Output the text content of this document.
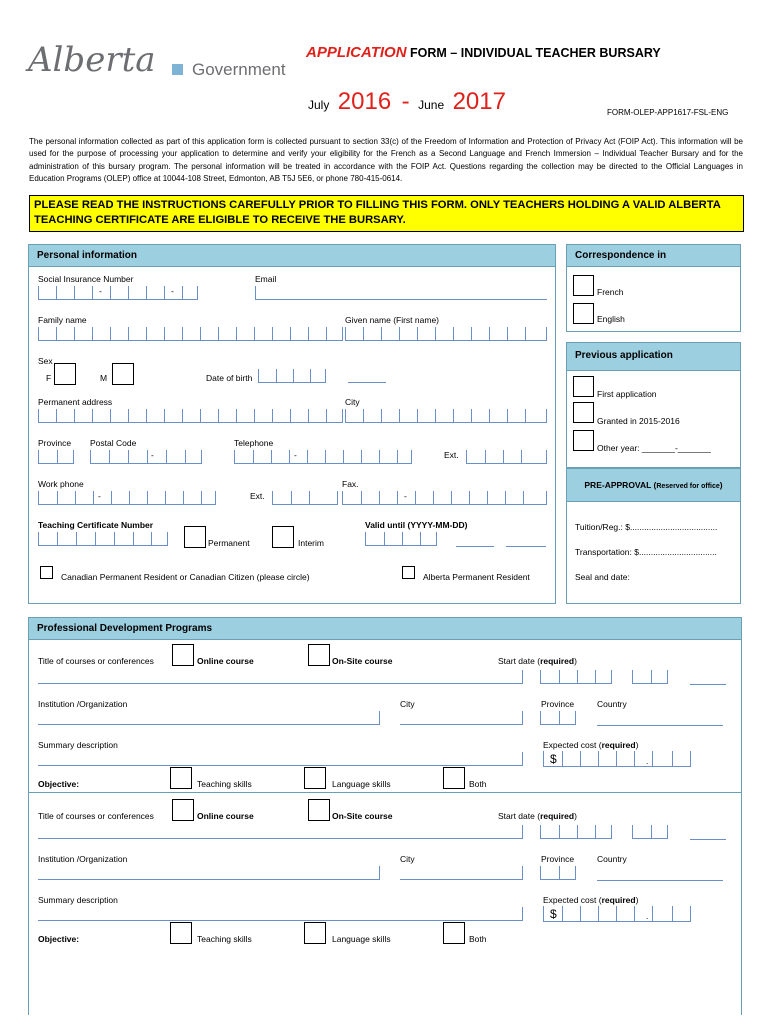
Alberta Government
APPLICATION FORM – INDIVIDUAL TEACHER BURSARY
July 2016 - June 2017	FORM-OLEP-APP1617-FSL-ENG
The personal information collected as part of this application form is collected pursuant to section 33(c) of the Freedom of Information and Protection of Privacy Act (FOIP Act). This information will be used for the purpose of processing your application to determine and verify your eligibility for the French as a Second Language and French Immersion – Individual Teacher Bursary and for the administration of this bursary program. The personal information will be treated in accordance with the FOIP Act. Questions regarding the collection may be directed to the Official Languages in Education Programs (OLEP) office at 10044-108 Street, Edmonton, AB T5J 5E6, or phone 780-415-0614.
PLEASE READ THE INSTRUCTIONS CAREFULLY PRIOR TO FILLING THIS FORM. ONLY TEACHERS HOLDING A VALID ALBERTA TEACHING CERTIFICATE ARE ELIGIBLE TO RECEIVE THE BURSARY.
Personal information
Social Insurance Number
-	-
Email
Family name	Given name (First name)
Sex
F	M	Date of birth
Permanent address	City
Province Postal Code
-
Telephone
-	Ext.
Work phone
-	Ext.
Fax.
-
Teaching Certificate Number
Permanent	Interim
Valid until (YYYY-MM-DD)
Canadian Permanent Resident or Canadian Citizen (please circle)	Alberta Permanent Resident
Correspondence in
French
English
Previous application
First application
Granted in 2015-2016
Other year: _______-_______
PRE-APPROVAL (Reserved for office)
Tuition/Reg.: $.....................................
Transportation: $.................................
Seal and date:
Professional Development Programs
Title of courses or conferences	Online course	On-Site course	Start date (required)
Institution /Organization	City	Province	Country
Summary description	Expected cost (required)
$	.
Objective:	Teaching skills	Language skills	Both
Title of courses or conferences	Online course	On-Site course	Start date (required)
Institution /Organization	City	Province	Country
Summary description	Expected cost (required)
$	.
Objective:	Teaching skills	Language skills	Both
